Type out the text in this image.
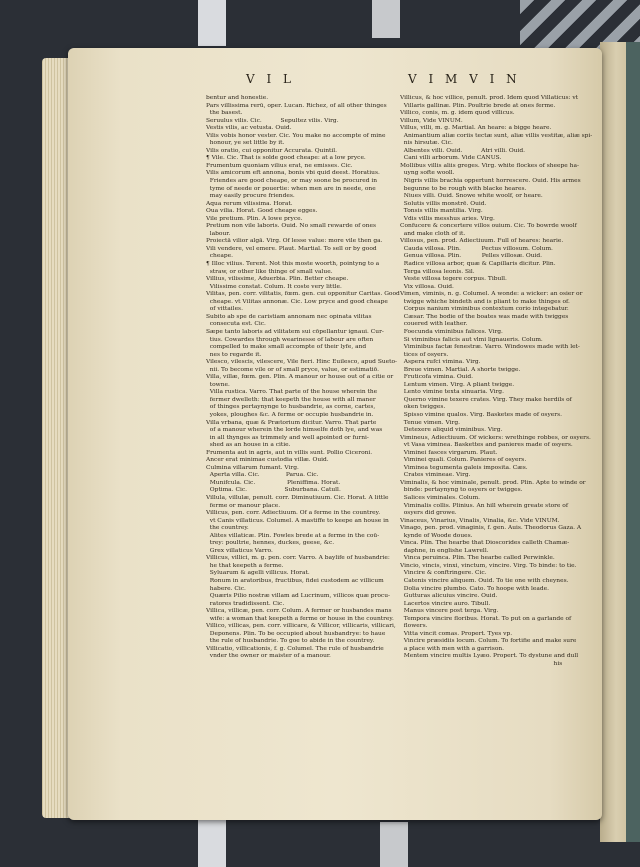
V I L	V I M V I N
bentur and honestie.
Pars villissima rerū, oper. Lucan. Richez, of all other thinges
the basest.
Seruulus vilis. Cic.          Sepultez vilis. Virg.
Vestis vilis, ac vetusta. Ouid.
Vilis vobis honor vester. Cic. You make no accompte of mine
honour, ye set little by it.
Vilis oratio, cui opponitur Accurata. Quintil.
¶ Vile. Cic. That is solde good cheape: at a low pryce.
Frumentum quoniam vilius erat, ne emisses. Cic.
Vilis amicorum eft annona, bonis vbi quid deest. Horatius.
Friendes are good cheape, or may soone be procured in
tyme of neede or pouertie: when men are in neede, one
may easily procure friendes.
Aqua rerum vilissima. Horat.
Oua vilia. Horat. Good cheape egges.
Vile pretium. Plin. A lowe pryce.
Pretium non vile laboris. Ouid. No small rewarde of ones
labour.
Proiectā vilior algā. Virg. Of lesse value: more vile then ga.
Vili vendere, vel emere. Plaut. Martial. To sell or by good
cheape.
¶ Illoc vilius. Terent. Not this moste woorth, pointyng to a
straw, or other like thinge of small value.
Villius, vilissime, Aduerbia. Plin. Better cheape.
Vilissime constat. Colum. It coste very little.
Vilitas, pen. corr. vilitatis, fœm. gen. cui opponitur Caritas. Good
cheape. vt Vilitas annonæ. Cic. Low pryce and good cheape
of vittailes.
Subito ab spe de caristiam annonam nec opinata vilitas
consecuta est. Cic.
Sæpe tanto laboris ad vilitatem sui cōpellantur ignaui. Cur-
tius. Cowardes through wearinesse of labour are often
compelled to make small accompte of their lyfe, and
nes to regarde it.
Vilesco, vilescis, vilescere, Vile fieri. Hinc Euilesco, apud Sueto-
nii. To become vile or of small pryce, value, or estimatiō.
Villa, villæ, fœm. gen. Plin. A manour or house out of a citie or
towne.
Villa rustica. Varro. That parte of the house wherein the
fermer dwelleth: that keepeth the house with all maner
of thinges pertaynynge to husbandrie, as corne, cartes,
yokes, ploughes &c. A ferme or occupie husbandrie in.
Villa vrbana, quæ & Prætorium dicitur. Varro. That parte
of a manour wherein the lorde himselfe doth lye, and was
in all thynges as trimmely and well apointed or furni-
shed as an house in a citie.
Frumenta aut in agris, aut in villis sunt. Pollio Ciceroni.
Ancer erat minimae custodia villæ. Ouid.
Culmina villarum fumant. Virg.
Aperta villa. Cic.              Parua. Cic.
Munifcula. Cic.                 Pleniffima. Horat.
Optima. Cic.                    Suburbana. Catull.
Villula, villulæ, penult. corr. Diminutiuum. Cic. Horat. A little
ferme or manour place.
Villicus, pen. corr. Adiectiuum. Of a ferme in the countrey.
vt Canis villaticus. Columel. A mastiffe to keepe an house in
the countrey.
Alites villaticæ. Plin. Fowles brede at a ferme in the coū-
trey: poultrie, hennes, duckes, geese, &c.
Grex villaticus Varro.
Villicus, villici, m. g. pen. corr. Varro. A baylife of husbandrie:
he that keepeth a ferme.
Syluarum & agelli villicus. Horat.
Ronum in aratoribus, fructibus, fidei custodem ac villicum
habere. Cic.
Quæris Pilio nostræ villam ad Lucrinum, villicos quæ procu-
ratores tradidissent. Cic.
Villica, villicæ, pen. corr. Colum. A fermer or husbandes mans
wife: a woman that keepeth a ferme or house in the countrey.
Villico, villicas, pen. corr. villicare, & Villicor, villicaris, villicari,
Deponens. Plin. To be occupied about husbandrye: to haue
the rule of husbandrie. To goe to abide in the countrey.
Villicatio, villicationis, f. g. Columel. The rule of husbandrie
vnder the owner or maister of a manour.
Villicus, & hoc villice, penult. prod. Idem quod Villaticus: vt
Villaris gallinæ. Plin. Poultrie brede at ones ferme.
Villico, conis, m. g. idem quod villicus.
Villum, Vide VINUM.
Villus, villi, m. g. Martial. An heare: a bigge heare.
Animantium aliæ coriis tectæ sunt, aliæ villis vestitæ, aliæ spi-
nis hirsutæ. Cic.
Albentes villi. Ouid.          Atri villi. Ouid.
Cani villi arborum. Vide CANUS.
Mollibus villis aliis greges. Virg. white flockes of sheepe ha-
uyng softe wooll.
Nigris villis brachia oppertunt horrescere. Ouid. His armes
begunne to be rough with blacke heares.
Niues villi. Ouid. Snowe white woolf, or heare.
Solutis villis monstrē. Ouid.
Tonsis villis mantilia. Virg.
Vdis villis messhus aries. Virg.
Confucere & concertere villos ouium. Cic. To bowrde woolf
and make cloth of it.
Villosus, pen. prod. Adiectiuum. Full of heares: hearie.
Cauda villosa. Plin.           Pectus villosum. Colum.
Genua villosa. Plin.           Pelles villosæ. Ouid.
Radice villosa arbor, quæ & Capillaris dicitur. Plin.
Terga villosa leonis. Sil.
Veste villosa tegere corpus. Tibull.
Vix villosa. Ouid.
Vimen, viminis, n. g. Columel. A wonde: a wicker: an osier or
twigge whiche bindeth and is pliant to make thinges of.
Corpus nanium viminibus contextum corio integebatur.
Cæsar. The bodie of the boates was made with twigges
couered with leather.
Foecunda viminibus falices. Virg.
Si viminibus falicis aut vlmi lignaueris. Colum.
Viminibus factæ fenestræ. Varro. Windowes made with let-
tices of osyers.
Aspera rufci vimina. Virg.
Breue vimen. Martial. A shorte twigge.
Fruticofa vimina. Ouid.
Lentum vimen. Virg. A pliant twigge.
Lento vimine texta sinuaria. Virg.
Querno vimine texere crates. Virg. They make herdils of
oken twigges.
Spisso vimine qualos. Virg. Basketes made of osyers.
Tenue vimen. Virg.
Detexere aliquid viminibus. Virg.
Vimineus, Adiectiuum. Of wickers: wrethinge robbes, or osyers.
vt Vasa viminea. Baskettes and panieres made of osyers.
Viminei fasces virgarum. Plaut.
Viminei quali. Colum. Panieres of osyers.
Viminea tegumenta galeis imposita. Cæs.
Crates vimineae. Virg.
Viminalis, & hoc viminale, penult. prod. Plin. Apte to winde or
binde: pertaynyng to osyers or twigges.
Salices viminales. Colum.
Viminalis collis. Plinius. An hill wherein greate store of
osyers did growe.
Vinaceus, Vinarius, Vinalis, Vinalia, &c. Vide VINUM.
Vinago, pen. prod. vinaginis, f. gen. Auis. Theodorus Gaza. A
kynde of Woode doues.
Vinca. Plin. The hearbe that Dioscorides calleth Chamæ-
daphne, in englishe Lawrell.
Vinca peruinca. Plin. The hearbe called Perwinkle.
Vincio, vincis, vinxi, vinctum, vincire. Virg. To binde: to tie.
Vincire & conftringere. Cic.
Catenis vincire aliquem. Ouid. To tie one with cheynes.
Dolia vincire plumbo. Cato. To hoope with leade.
Gutturas alicuius vincire. Ouid.
Lacertos vincire auro. Tibull.
Manus vincere post terga. Virg.
Tempora vincire floribus. Horat. To put on a garlande of
flowers.
Vitta vincit comas. Propert. Tyes vp.
Vincire præsidiis locum. Colum. To fortifie and make sure
a place with men with a garrison.
Mentem vincire multis Lyæo. Propert. To dystune and dull
his
